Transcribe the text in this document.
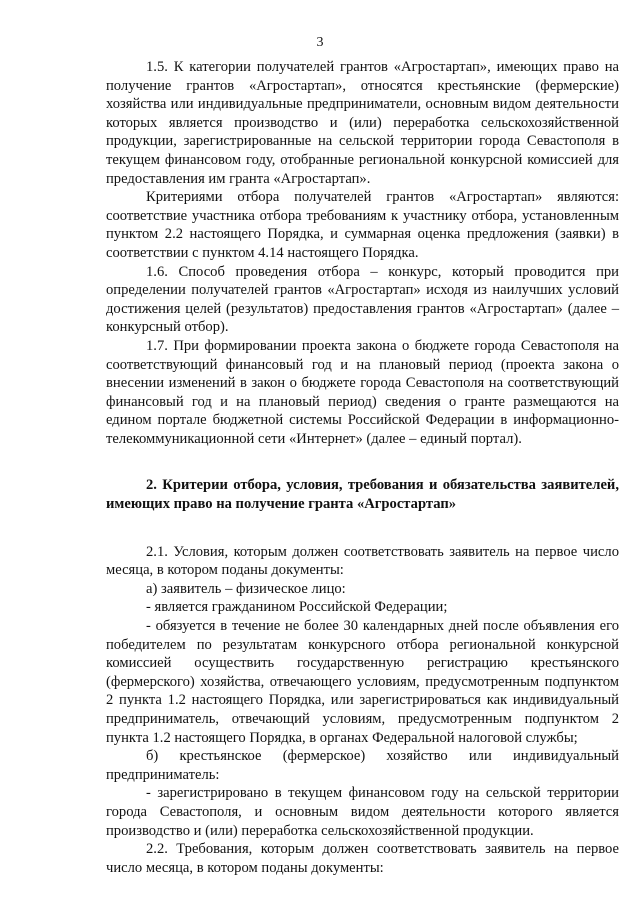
3

1.5. К категории получателей грантов «Агростартап», имеющих право на получение грантов «Агростартап», относятся крестьянские (фермерские) хозяйства или индивидуальные предприниматели, основным видом деятельности которых является производство и (или) переработка сельскохозяйственной продукции, зарегистрированные на сельской территории города Севастополя в текущем финансовом году, отобранные региональной конкурсной комиссией для предоставления им гранта «Агростартап».

Критериями отбора получателей грантов «Агростартап» являются: соответствие участника отбора требованиям к участнику отбора, установленным пунктом 2.2 настоящего Порядка, и суммарная оценка предложения (заявки) в соответствии с пунктом 4.14 настоящего Порядка.

1.6. Способ проведения отбора – конкурс, который проводится при определении получателей грантов «Агростартап» исходя из наилучших условий достижения целей (результатов) предоставления грантов «Агростартап» (далее – конкурсный отбор).

1.7. При формировании проекта закона о бюджете города Севастополя на соответствующий финансовый год и на плановый период (проекта закона о внесении изменений в закон о бюджете города Севастополя на соответствующий финансовый год и на плановый период) сведения о гранте размещаются на едином портале бюджетной системы Российской Федерации в информационно-телекоммуникационной сети «Интернет» (далее – единый портал).

2. Критерии отбора, условия, требования и обязательства заявителей, имеющих право на получение гранта «Агростартап»

2.1. Условия, которым должен соответствовать заявитель на первое число месяца, в котором поданы документы:

а) заявитель – физическое лицо:

- является гражданином Российской Федерации;

- обязуется в течение не более 30 календарных дней после объявления его победителем по результатам конкурсного отбора региональной конкурсной комиссией осуществить государственную регистрацию крестьянского (фермерского) хозяйства, отвечающего условиям, предусмотренным подпунктом 2 пункта 1.2 настоящего Порядка, или зарегистрироваться как индивидуальный предприниматель, отвечающий условиям, предусмотренным подпунктом 2 пункта 1.2 настоящего Порядка, в органах Федеральной налоговой службы;

б) крестьянское (фермерское) хозяйство или индивидуальный предприниматель:

- зарегистрировано в текущем финансовом году на сельской территории города Севастополя, и основным видом деятельности которого является производство и (или) переработка сельскохозяйственной продукции.

2.2. Требования, которым должен соответствовать заявитель на первое число месяца, в котором поданы документы:
